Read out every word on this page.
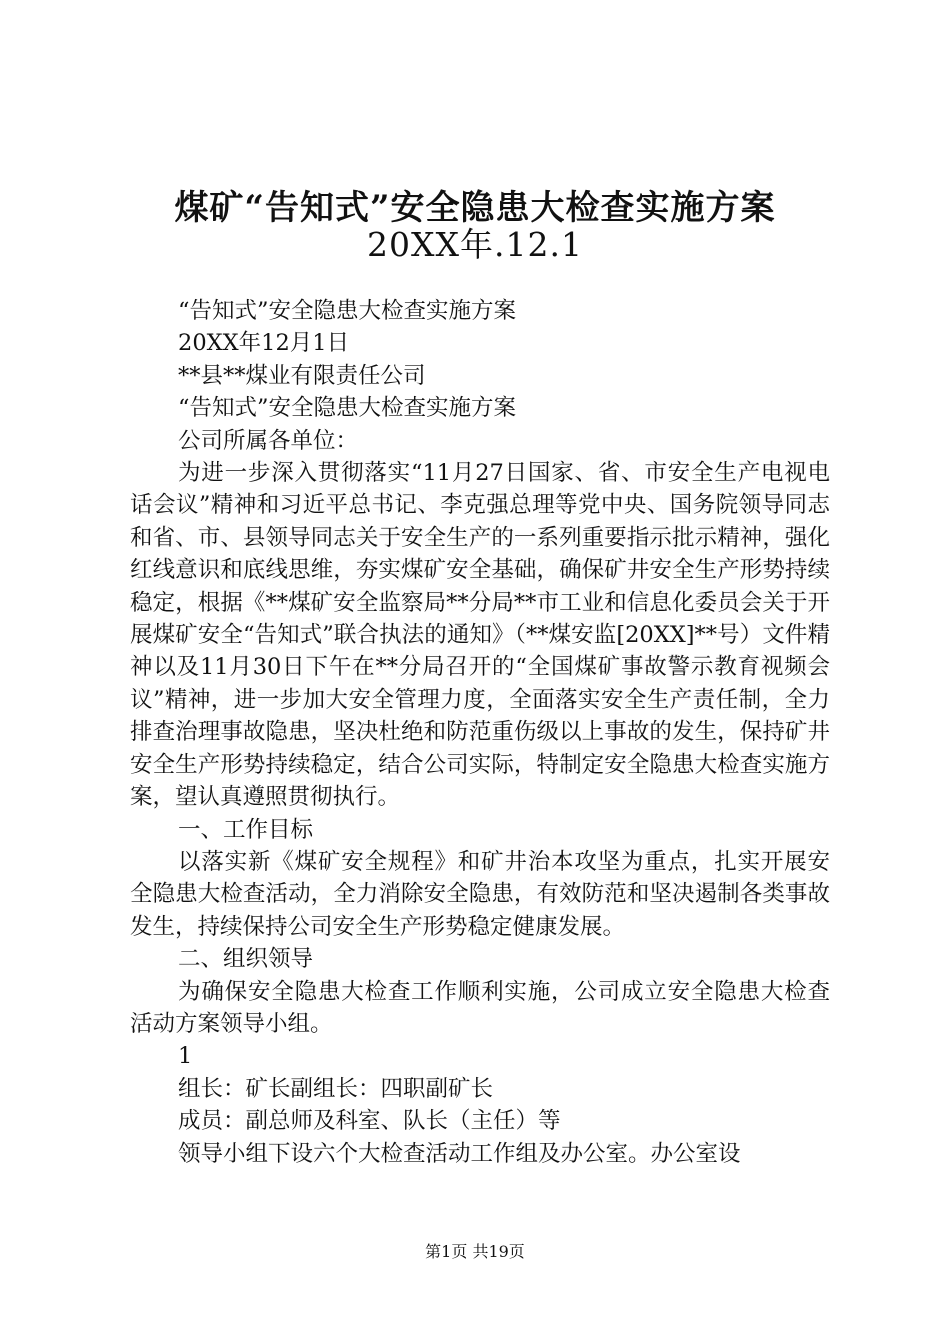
煤矿“告知式”安全隐患大检查实施方案
20XX年.12.1

“告知式”安全隐患大检查实施方案

20XX年12月1日

**县**煤业有限责任公司

“告知式”安全隐患大检查实施方案

公司所属各单位：

为进一步深入贯彻落实“11月27日国家、省、市安全生产电视电话会议”精神和习近平总书记、李克强总理等党中央、国务院领导同志和省、市、县领导同志关于安全生产的一系列重要指示批示精神，强化红线意识和底线思维，夯实煤矿安全基础，确保矿井安全生产形势持续稳定，根据《**煤矿安全监察局**分局**市工业和信息化委员会关于开展煤矿安全“告知式”联合执法的通知》（**煤安监[20XX]**号）文件精神以及11月30日下午在**分局召开的“全国煤矿事故警示教育视频会议”精神，进一步加大安全管理力度，全面落实安全生产责任制，全力排查治理事故隐患，坚决杜绝和防范重伤级以上事故的发生，保持矿井安全生产形势持续稳定，结合公司实际，特制定安全隐患大检查实施方案，望认真遵照贯彻执行。

一、工作目标

以落实新《煤矿安全规程》和矿井治本攻坚为重点，扎实开展安全隐患大检查活动，全力消除安全隐患，有效防范和坚决遏制各类事故发生，持续保持公司安全生产形势稳定健康发展。

二、组织领导

为确保安全隐患大检查工作顺利实施，公司成立安全隐患大检查活动方案领导小组。

1

组长：矿长副组长：四职副矿长

成员：副总师及科室、队长（主任）等

领导小组下设六个大检查活动工作组及办公室。办公室设

第1页 共19页
